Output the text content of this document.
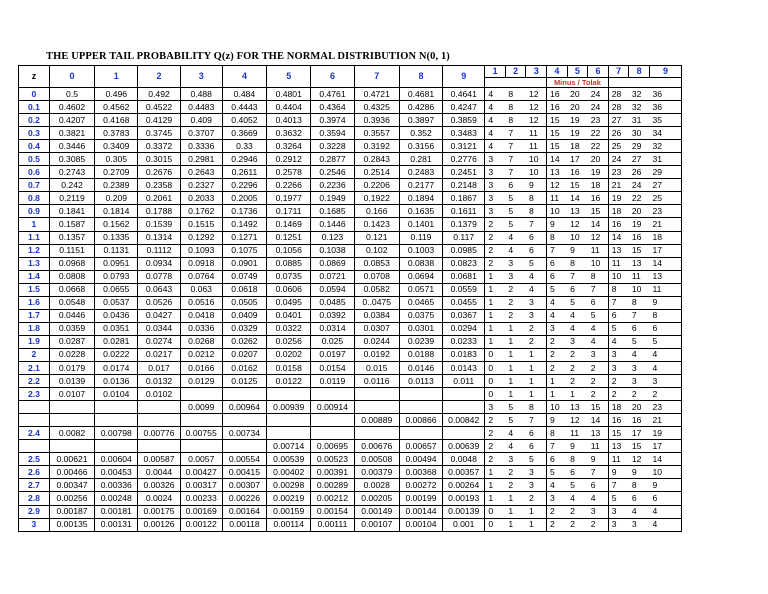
THE UPPER TAIL PROBABILITY Q(z) FOR THE NORMAL DISTRIBUTION N(0, 1)
z	0	1	2	3	4	5	6	7	8	9	1	2	3	4	5	6	7	8	9
														Minus / Tolak					
0	0.5	0.496	0.492	0.488	0.484	0.4801	0.4761	0.4721	0.4681	0.4641	4	8	12	16	20	24	28	32	36
0.1	0.4602	0.4562	0.4522	0.4483	0.4443	0.4404	0.4364	0.4325	0.4286	0.4247	4	8	12	16	20	24	28	32	36
0.2	0.4207	0.4168	0.4129	0.409	0.4052	0.4013	0.3974	0.3936	0.3897	0.3859	4	8	12	15	19	23	27	31	35
0.3	0.3821	0.3783	0.3745	0.3707	0.3669	0.3632	0.3594	0.3557	0.352	0.3483	4	7	11	15	19	22	26	30	34
0.4	0.3446	0.3409	0.3372	0.3336	0.33	0.3264	0.3228	0.3192	0.3156	0.3121	4	7	11	15	18	22	25	29	32
0.5	0.3085	0.305	0.3015	0.2981	0.2946	0.2912	0.2877	0.2843	0.281	0.2776	3	7	10	14	17	20	24	27	31
0.6	0.2743	0.2709	0.2676	0.2643	0.2611	0.2578	0.2546	0.2514	0.2483	0.2451	3	7	10	13	16	19	23	26	29
0.7	0.242	0.2389	0.2358	0.2327	0.2296	0.2266	0.2236	0.2206	0.2177	0.2148	3	6	9	12	15	18	21	24	27
0.8	0.2119	0.209	0.2061	0.2033	0.2005	0.1977	0.1949	0.1922	0.1894	0.1867	3	5	8	11	14	16	19	22	25
0.9	0.1841	0.1814	0.1788	0.1762	0.1736	0.1711	0.1685	0.166	0.1635	0.1611	3	5	8	10	13	15	18	20	23
1	0.1587	0.1562	0.1539	0.1515	0.1492	0.1469	0.1446	0.1423	0.1401	0.1379	2	5	7	9	12	14	16	19	21
1.1	0.1357	0.1335	0.1314	0.1292	0.1271	0.1251	0.123	0.121	0.119	0.117	2	4	6	8	10	12	14	16	18
1.2	0.1151	0.1131	0.1112	0.1093	0.1075	0.1056	0.1038	0.102	0.1003	0.0985	2	4	6	7	9	11	13	15	17
1.3	0.0968	0.0951	0.0934	0.0918	0.0901	0.0885	0.0869	0.0853	0.0838	0.0823	2	3	5	6	8	10	11	13	14
1.4	0.0808	0.0793	0.0778	0.0764	0.0749	0.0735	0.0721	0.0708	0.0694	0.0681	1	3	4	6	7	8	10	11	13
1.5	0.0668	0.0655	0.0643	0.063	0.0618	0.0606	0.0594	0.0582	0.0571	0.0559	1	2	4	5	6	7	8	10	11
1.6	0.0548	0.0537	0.0526	0.0516	0.0505	0.0495	0.0485	0..0475	0.0465	0.0455	1	2	3	4	5	6	7	8	9
1.7	0.0446	0.0436	0.0427	0.0418	0.0409	0.0401	0.0392	0.0384	0.0375	0.0367	1	2	3	4	4	5	6	7	8
1.8	0.0359	0.0351	0.0344	0.0336	0.0329	0.0322	0.0314	0.0307	0.0301	0.0294	1	1	2	3	4	4	5	6	6
1.9	0.0287	0.0281	0.0274	0.0268	0.0262	0.0256	0.025	0.0244	0.0239	0.0233	1	1	2	2	3	4	4	5	5
2	0.0228	0.0222	0.0217	0.0212	0.0207	0.0202	0.0197	0.0192	0.0188	0.0183	0	1	1	2	2	3	3	4	4
2.1	0.0179	0.0174	0.017	0.0166	0.0162	0.0158	0.0154	0.015	0.0146	0.0143	0	1	1	2	2	2	3	3	4
2.2	0.0139	0.0136	0.0132	0.0129	0.0125	0.0122	0.0119	0.0116	0.0113	0.011	0	1	1	1	2	2	2	3	3
2.3	0.0107	0.0104	0.0102								0	1	1	1	1	2	2	2	2
				0.0099	0.00964	0.00939	0.00914				3	5	8	10	13	15	18	20	23
								0.00889	0.00866	0.00842	2	5	7	9	12	14	16	16	21
2.4	0.0082	0.00798	0.00776	0.00755	0.00734						2	4	6	8	11	13	15	17	19
						0.00714	0.00695	0.00676	0.00657	0.00639	2	4	6	7	9	11	13	15	17
2.5	0.00621	0.00604	0.00587	0.0057	0.00554	0.00539	0.00523	0.00508	0.00494	0.0048	2	3	5	6	8	9	11	12	14
2.6	0.00466	0.00453	0.0044	0.00427	0.00415	0.00402	0.00391	0.00379	0.00368	0.00357	1	2	3	5	6	7	9	9	10
2.7	0.00347	0.00336	0.00326	0.00317	0.00307	0.00298	0.00289	0.0028	0.00272	0.00264	1	2	3	4	5	6	7	8	9
2.8	0.00256	0.00248	0.0024	0.00233	0.00226	0.00219	0.00212	0.00205	0.00199	0.00193	1	1	2	3	4	4	5	6	6
2.9	0.00187	0.00181	0.00175	0.00169	0.00164	0.00159	0.00154	0.00149	0.00144	0.00139	0	1	1	2	2	3	3	4	4
3	0.00135	0.00131	0.00126	0.00122	0.00118	0.00114	0.00111	0.00107	0.00104	0.001	0	1	1	2	2	2	3	3	4
